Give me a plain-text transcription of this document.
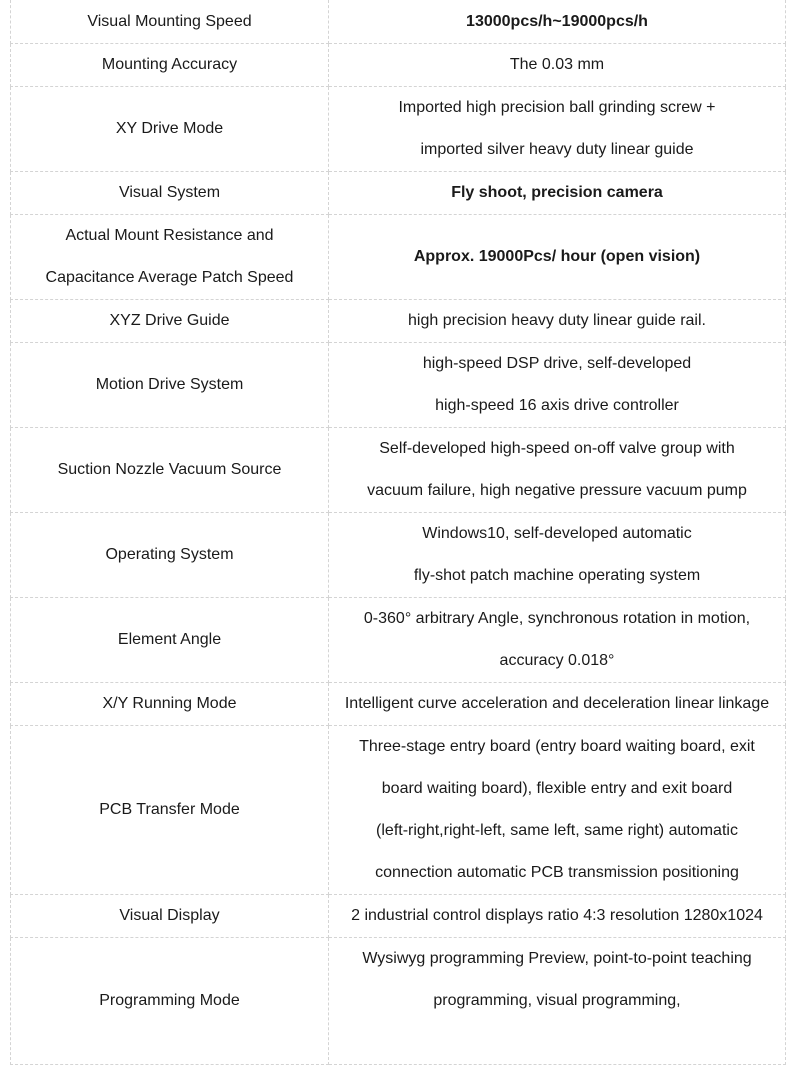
Visual Mounting Speed	13000pcs/h~19000pcs/h

Mounting Accuracy	The 0.03 mm

XY Drive Mode	Imported high precision ball grinding screw +
imported silver heavy duty linear guide

Visual System	Fly shoot, precision camera

Actual Mount Resistance and
Capacitance Average Patch Speed	Approx. 19000Pcs/ hour (open vision)

XYZ Drive Guide	high precision heavy duty linear guide rail.

Motion Drive System	high-speed DSP drive, self-developed
high-speed 16 axis drive controller

Suction Nozzle Vacuum Source	Self-developed high-speed on-off valve group with
vacuum failure, high negative pressure vacuum pump

Operating System	Windows10, self-developed automatic
fly-shot patch machine operating system

Element Angle	0-360° arbitrary Angle, synchronous rotation in motion,
accuracy 0.018°

X/Y Running Mode	Intelligent curve acceleration and deceleration linear linkage

PCB Transfer Mode	Three-stage entry board (entry board waiting board, exit
board waiting board), flexible entry and exit board
(left-right,right-left, same left, same right) automatic
connection automatic PCB transmission positioning

Visual Display	2 industrial control displays ratio 4:3 resolution 1280x1024

Programming Mode	Wysiwyg programming Preview, point-to-point teaching
programming, visual programming,
